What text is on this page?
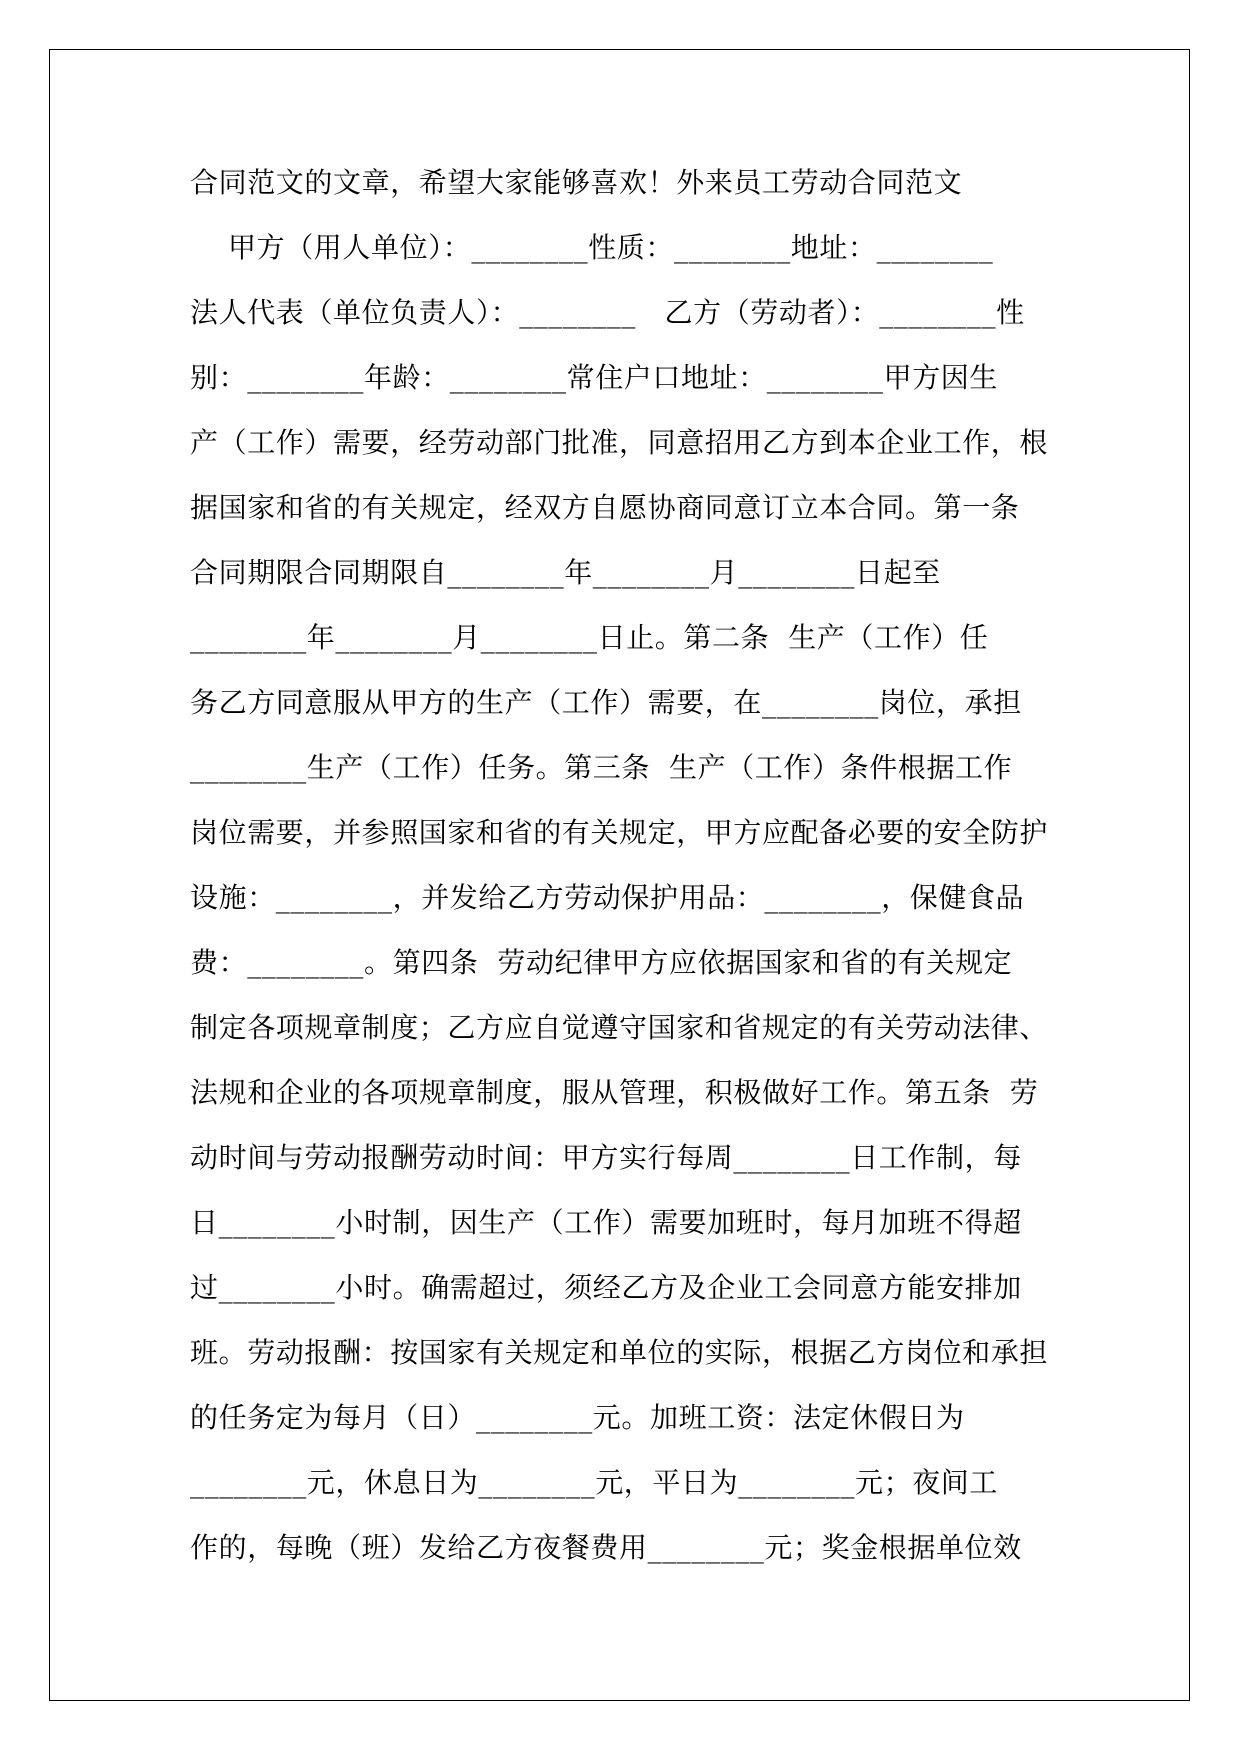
合同范文的文章，希望大家能够喜欢！外来员工劳动合同范文
甲方（用人单位）：________性质：________地址：________
法人代表（单位负责人）：________   乙方（劳动者）：________性
别：________年龄：________常住户口地址：________甲方因生
产（工作）需要，经劳动部门批准，同意招用乙方到本企业工作，根
据国家和省的有关规定，经双方自愿协商同意订立本合同。第一条
合同期限合同期限自________年________月________日起至
________年________月________日止。第二条  生产（工作）任
务乙方同意服从甲方的生产（工作）需要，在________岗位，承担
________生产（工作）任务。第三条  生产（工作）条件根据工作
岗位需要，并参照国家和省的有关规定，甲方应配备必要的安全防护
设施：________，并发给乙方劳动保护用品：________，保健食品
费：________。第四条  劳动纪律甲方应依据国家和省的有关规定
制定各项规章制度；乙方应自觉遵守国家和省规定的有关劳动法律、
法规和企业的各项规章制度，服从管理，积极做好工作。第五条  劳
动时间与劳动报酬劳动时间：甲方实行每周________日工作制，每
日________小时制，因生产（工作）需要加班时，每月加班不得超
过________小时。确需超过，须经乙方及企业工会同意方能安排加
班。劳动报酬：按国家有关规定和单位的实际，根据乙方岗位和承担
的任务定为每月（日）________元。加班工资：法定休假日为
________元，休息日为________元，平日为________元；夜间工
作的，每晚（班）发给乙方夜餐费用________元；奖金根据单位效
